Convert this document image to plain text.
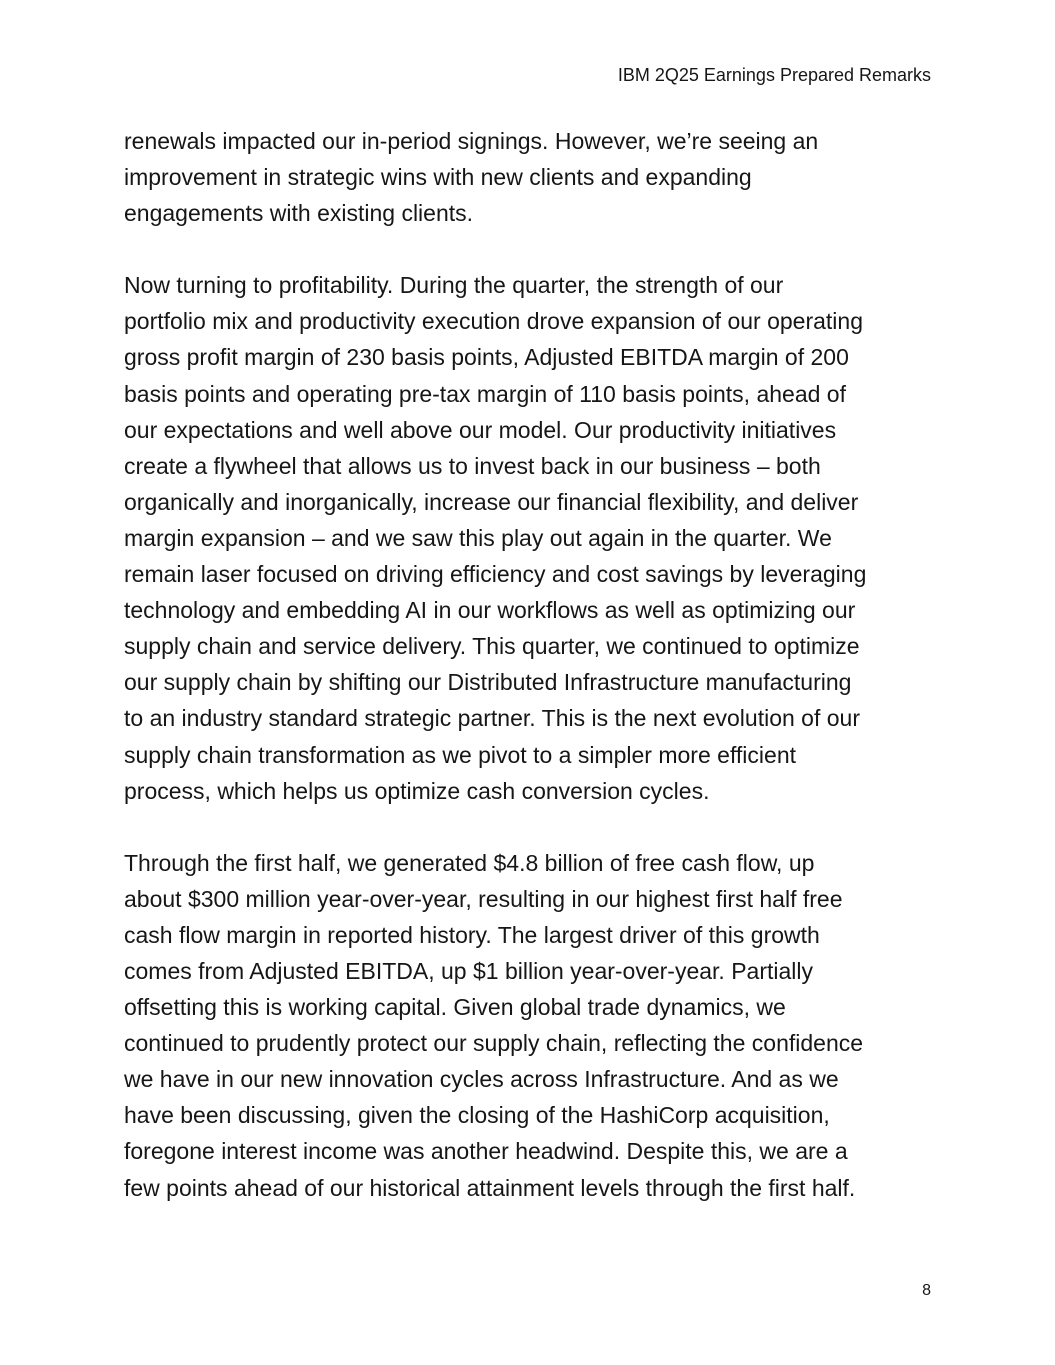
IBM 2Q25 Earnings Prepared Remarks

renewals impacted our in-period signings. However, we’re seeing an
improvement in strategic wins with new clients and expanding
engagements with existing clients.

Now turning to profitability. During the quarter, the strength of our
portfolio mix and productivity execution drove expansion of our operating
gross profit margin of 230 basis points, Adjusted EBITDA margin of 200
basis points and operating pre-tax margin of 110 basis points, ahead of
our expectations and well above our model. Our productivity initiatives
create a flywheel that allows us to invest back in our business – both
organically and inorganically, increase our financial flexibility, and deliver
margin expansion – and we saw this play out again in the quarter. We
remain laser focused on driving efficiency and cost savings by leveraging
technology and embedding AI in our workflows as well as optimizing our
supply chain and service delivery. This quarter, we continued to optimize
our supply chain by shifting our Distributed Infrastructure manufacturing
to an industry standard strategic partner. This is the next evolution of our
supply chain transformation as we pivot to a simpler more efficient
process, which helps us optimize cash conversion cycles.

Through the first half, we generated $4.8 billion of free cash flow, up
about $300 million year-over-year, resulting in our highest first half free
cash flow margin in reported history. The largest driver of this growth
comes from Adjusted EBITDA, up $1 billion year-over-year. Partially
offsetting this is working capital. Given global trade dynamics, we
continued to prudently protect our supply chain, reflecting the confidence
we have in our new innovation cycles across Infrastructure. And as we
have been discussing, given the closing of the HashiCorp acquisition,
foregone interest income was another headwind. Despite this, we are a
few points ahead of our historical attainment levels through the first half.

8
